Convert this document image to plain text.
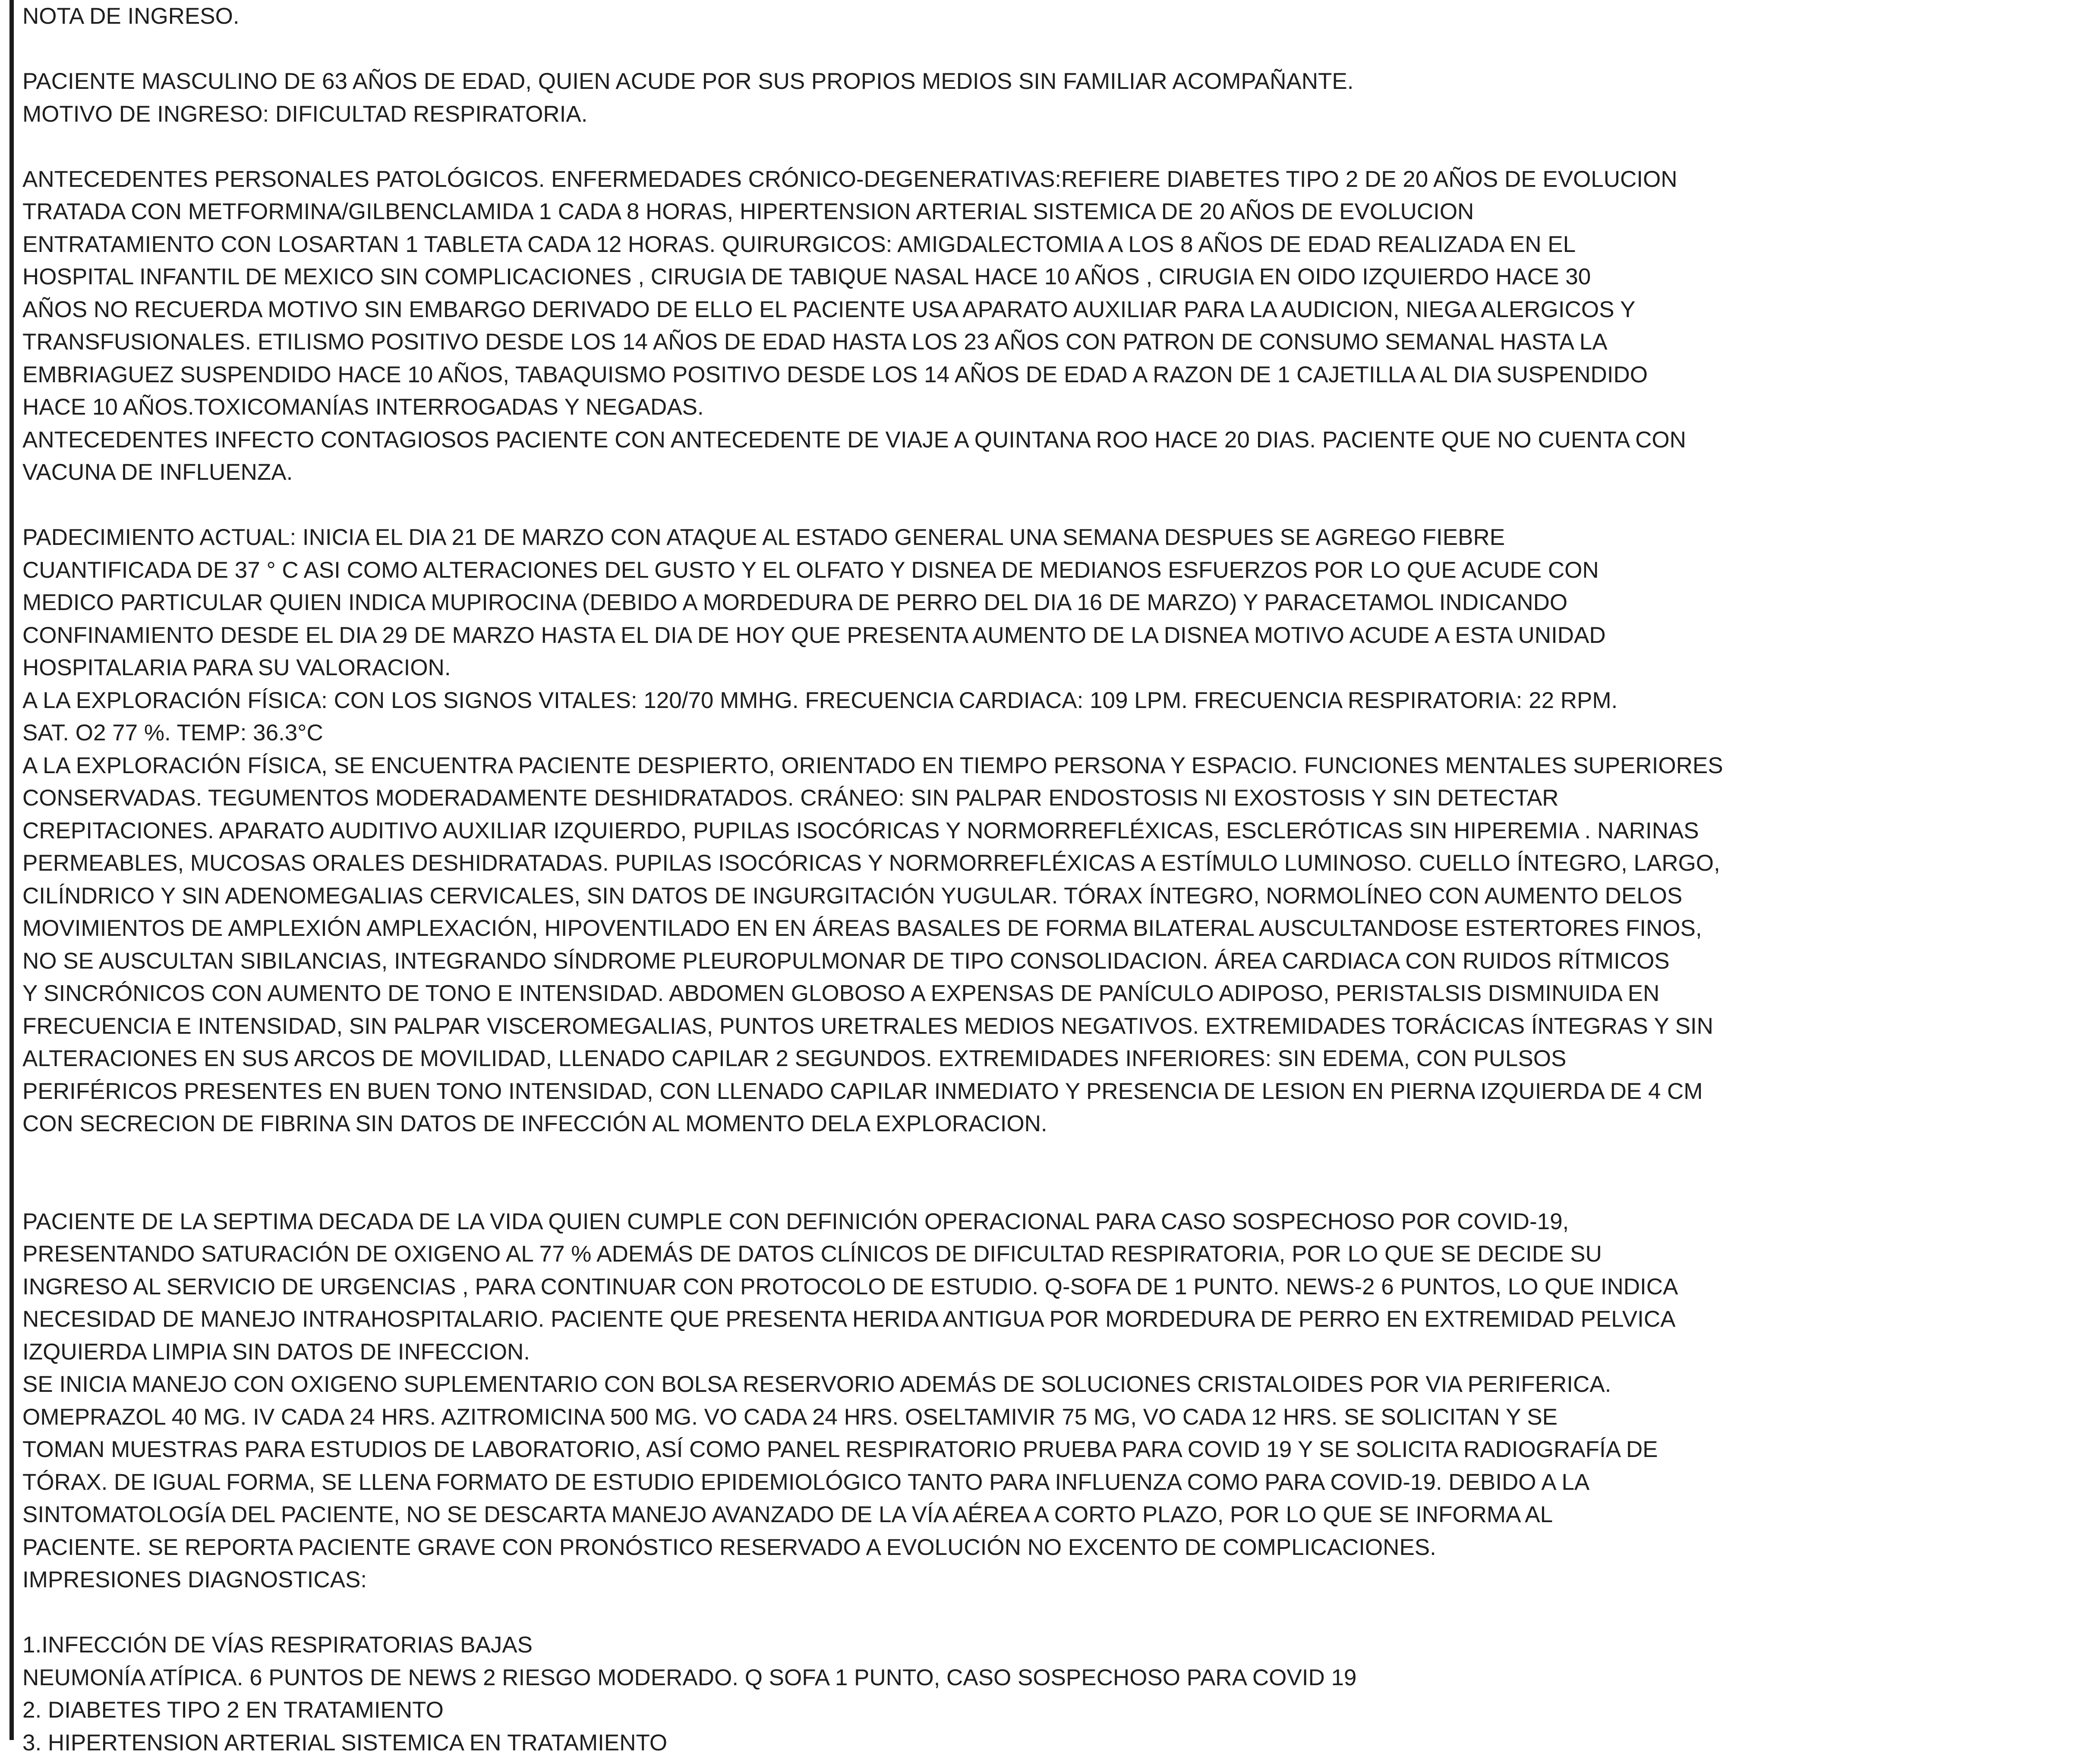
NOTA DE INGRESO.
PACIENTE MASCULINO DE 63 AÑOS DE EDAD, QUIEN ACUDE POR SUS PROPIOS MEDIOS SIN FAMILIAR ACOMPAÑANTE.
MOTIVO DE INGRESO: DIFICULTAD RESPIRATORIA.
ANTECEDENTES PERSONALES PATOLÓGICOS. ENFERMEDADES CRÓNICO-DEGENERATIVAS:REFIERE DIABETES TIPO 2 DE 20 AÑOS DE EVOLUCION
TRATADA CON METFORMINA/GILBENCLAMIDA 1 CADA 8 HORAS, HIPERTENSION ARTERIAL SISTEMICA DE 20 AÑOS DE EVOLUCION
ENTRATAMIENTO CON LOSARTAN 1 TABLETA CADA 12 HORAS. QUIRURGICOS: AMIGDALECTOMIA A LOS 8 AÑOS DE EDAD REALIZADA EN EL
HOSPITAL INFANTIL DE MEXICO SIN COMPLICACIONES , CIRUGIA DE TABIQUE NASAL HACE 10 AÑOS , CIRUGIA EN OIDO IZQUIERDO HACE 30
AÑOS NO RECUERDA MOTIVO SIN EMBARGO DERIVADO DE ELLO EL PACIENTE USA APARATO AUXILIAR PARA LA AUDICION, NIEGA ALERGICOS Y
TRANSFUSIONALES. ETILISMO POSITIVO DESDE LOS 14 AÑOS DE EDAD HASTA LOS 23 AÑOS CON PATRON DE CONSUMO SEMANAL HASTA LA
EMBRIAGUEZ SUSPENDIDO HACE 10 AÑOS, TABAQUISMO POSITIVO DESDE LOS 14 AÑOS DE EDAD A RAZON DE 1 CAJETILLA AL DIA SUSPENDIDO
HACE 10 AÑOS.TOXICOMANÍAS INTERROGADAS Y NEGADAS.
ANTECEDENTES INFECTO CONTAGIOSOS PACIENTE CON ANTECEDENTE DE VIAJE A QUINTANA ROO HACE 20 DIAS. PACIENTE QUE NO CUENTA CON
VACUNA DE INFLUENZA.
PADECIMIENTO ACTUAL: INICIA EL DIA 21 DE MARZO CON ATAQUE AL ESTADO GENERAL UNA SEMANA DESPUES SE AGREGO FIEBRE
CUANTIFICADA DE 37 ° C ASI COMO ALTERACIONES DEL GUSTO Y EL OLFATO Y DISNEA DE MEDIANOS ESFUERZOS POR LO QUE ACUDE CON
MEDICO PARTICULAR QUIEN INDICA MUPIROCINA (DEBIDO A MORDEDURA DE PERRO DEL DIA 16 DE MARZO) Y PARACETAMOL INDICANDO
CONFINAMIENTO DESDE EL DIA 29 DE MARZO HASTA EL DIA DE HOY QUE PRESENTA AUMENTO DE LA DISNEA MOTIVO ACUDE A ESTA UNIDAD
HOSPITALARIA PARA SU VALORACION.
A LA EXPLORACIÓN FÍSICA: CON LOS SIGNOS VITALES: 120/70 MMHG. FRECUENCIA CARDIACA: 109 LPM. FRECUENCIA RESPIRATORIA: 22 RPM.
SAT. O2 77 %. TEMP: 36.3°C
A LA EXPLORACIÓN FÍSICA, SE ENCUENTRA PACIENTE DESPIERTO, ORIENTADO EN TIEMPO PERSONA Y ESPACIO. FUNCIONES MENTALES SUPERIORES
CONSERVADAS. TEGUMENTOS MODERADAMENTE DESHIDRATADOS. CRÁNEO: SIN PALPAR ENDOSTOSIS NI EXOSTOSIS Y SIN DETECTAR
CREPITACIONES. APARATO AUDITIVO AUXILIAR IZQUIERDO, PUPILAS ISOCÓRICAS Y NORMORREFLÉXICAS, ESCLERÓTICAS SIN HIPEREMIA . NARINAS
PERMEABLES, MUCOSAS ORALES DESHIDRATADAS. PUPILAS ISOCÓRICAS Y NORMORREFLÉXICAS A ESTÍMULO LUMINOSO. CUELLO ÍNTEGRO, LARGO,
CILÍNDRICO Y SIN ADENOMEGALIAS CERVICALES, SIN DATOS DE INGURGITACIÓN YUGULAR. TÓRAX ÍNTEGRO, NORMOLÍNEO CON AUMENTO DELOS
MOVIMIENTOS DE AMPLEXIÓN AMPLEXACIÓN, HIPOVENTILADO EN EN ÁREAS BASALES DE FORMA BILATERAL AUSCULTANDOSE ESTERTORES FINOS,
NO SE AUSCULTAN SIBILANCIAS, INTEGRANDO SÍNDROME PLEUROPULMONAR DE TIPO CONSOLIDACION. ÁREA CARDIACA CON RUIDOS RÍTMICOS
Y SINCRÓNICOS CON AUMENTO DE TONO E INTENSIDAD. ABDOMEN GLOBOSO A EXPENSAS DE PANÍCULO ADIPOSO, PERISTALSIS DISMINUIDA EN
FRECUENCIA E INTENSIDAD, SIN PALPAR VISCEROMEGALIAS, PUNTOS URETRALES MEDIOS NEGATIVOS. EXTREMIDADES TORÁCICAS ÍNTEGRAS Y SIN
ALTERACIONES EN SUS ARCOS DE MOVILIDAD, LLENADO CAPILAR 2 SEGUNDOS. EXTREMIDADES INFERIORES: SIN EDEMA, CON PULSOS
PERIFÉRICOS PRESENTES EN BUEN TONO INTENSIDAD, CON LLENADO CAPILAR INMEDIATO Y PRESENCIA DE LESION EN PIERNA IZQUIERDA DE 4 CM
CON SECRECION DE FIBRINA SIN DATOS DE INFECCIÓN AL MOMENTO DELA EXPLORACION.
PACIENTE DE LA SEPTIMA DECADA DE LA VIDA QUIEN CUMPLE CON DEFINICIÓN OPERACIONAL PARA CASO SOSPECHOSO POR COVID-19,
PRESENTANDO SATURACIÓN DE OXIGENO AL 77 % ADEMÁS DE DATOS CLÍNICOS DE DIFICULTAD RESPIRATORIA, POR LO QUE SE DECIDE SU
INGRESO AL SERVICIO DE URGENCIAS , PARA CONTINUAR CON PROTOCOLO DE ESTUDIO. Q-SOFA DE 1 PUNTO. NEWS-2 6 PUNTOS, LO QUE INDICA
NECESIDAD DE MANEJO INTRAHOSPITALARIO. PACIENTE QUE PRESENTA HERIDA ANTIGUA POR MORDEDURA DE PERRO EN EXTREMIDAD PELVICA
IZQUIERDA LIMPIA SIN DATOS DE INFECCION.
SE INICIA MANEJO CON OXIGENO SUPLEMENTARIO CON BOLSA RESERVORIO ADEMÁS DE SOLUCIONES CRISTALOIDES POR VIA PERIFERICA.
OMEPRAZOL 40 MG. IV CADA 24 HRS. AZITROMICINA 500 MG. VO CADA 24 HRS. OSELTAMIVIR 75 MG, VO CADA 12 HRS. SE SOLICITAN Y SE
TOMAN MUESTRAS PARA ESTUDIOS DE LABORATORIO, ASÍ COMO PANEL RESPIRATORIO PRUEBA PARA COVID 19 Y SE SOLICITA RADIOGRAFÍA DE
TÓRAX. DE IGUAL FORMA, SE LLENA FORMATO DE ESTUDIO EPIDEMIOLÓGICO TANTO PARA INFLUENZA COMO PARA COVID-19. DEBIDO A LA
SINTOMATOLOGÍA DEL PACIENTE, NO SE DESCARTA MANEJO AVANZADO DE LA VÍA AÉREA A CORTO PLAZO, POR LO QUE SE INFORMA AL
PACIENTE. SE REPORTA PACIENTE GRAVE CON PRONÓSTICO RESERVADO A EVOLUCIÓN NO EXCENTO DE COMPLICACIONES.
IMPRESIONES DIAGNOSTICAS:
1.INFECCIÓN DE VÍAS RESPIRATORIAS BAJAS
NEUMONÍA ATÍPICA. 6 PUNTOS DE NEWS 2 RIESGO MODERADO. Q SOFA 1 PUNTO, CASO SOSPECHOSO PARA COVID 19
2. DIABETES TIPO 2 EN TRATAMIENTO
3. HIPERTENSION ARTERIAL SISTEMICA EN TRATAMIENTO
